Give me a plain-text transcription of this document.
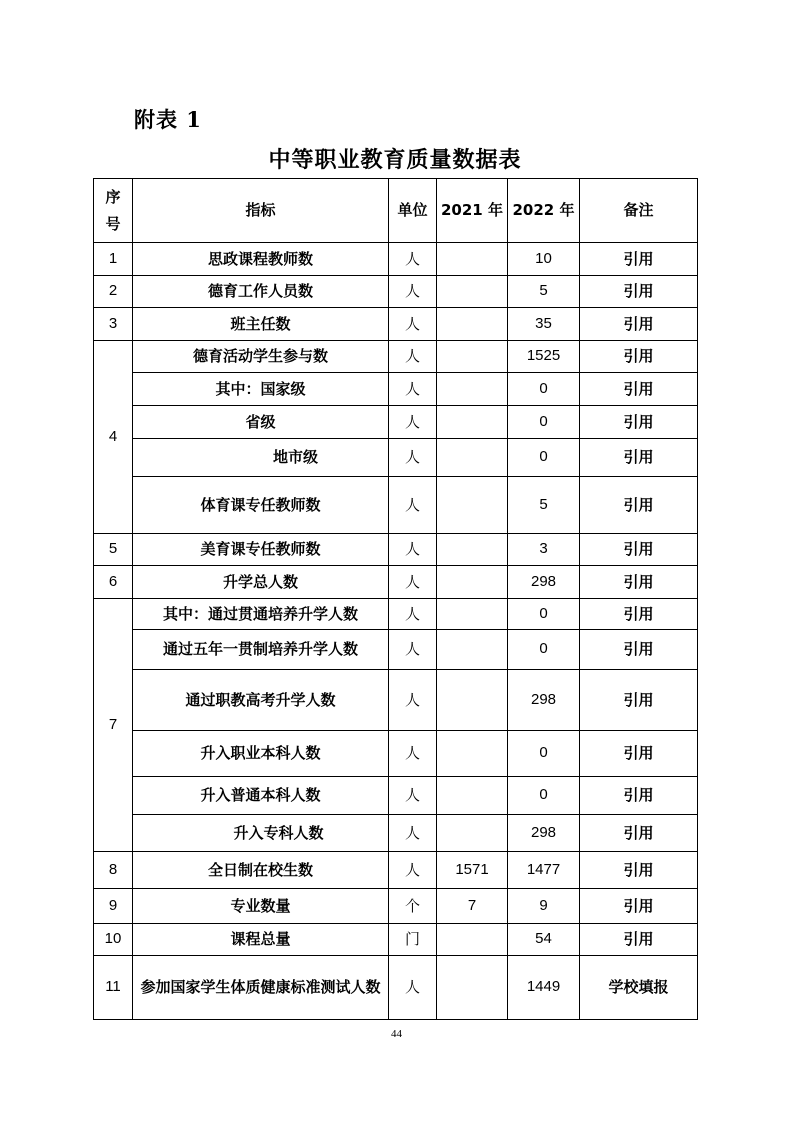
附表 1
中等职业教育质量数据表
序
号	指标	单位	2021 年	2022 年	备注
1	思政课程教师数	人		10	引用
2	德育工作人员数	人		5	引用
3	班主任数	人		35	引用
4	德育活动学生参与数	人		1525	引用
	其中：国家级	人		0	引用
	省级	人		0	引用
	地市级	人		0	引用
	体育课专任教师数	人		5	引用
5	美育课专任教师数	人		3	引用
6	升学总人数	人		298	引用
7	其中：通过贯通培养升学人数	人		0	引用
	通过五年一贯制培养升学人数	人		0	引用
	通过职教高考升学人数	人		298	引用
	升入职业本科人数	人		0	引用
	升入普通本科人数	人		0	引用
	升入专科人数	人		298	引用
8	全日制在校生数	人	1571	1477	引用
9	专业数量	个	7	9	引用
10	课程总量	门		54	引用
11	参加国家学生体质健康标准测试人数	人		1449	学校填报
44
